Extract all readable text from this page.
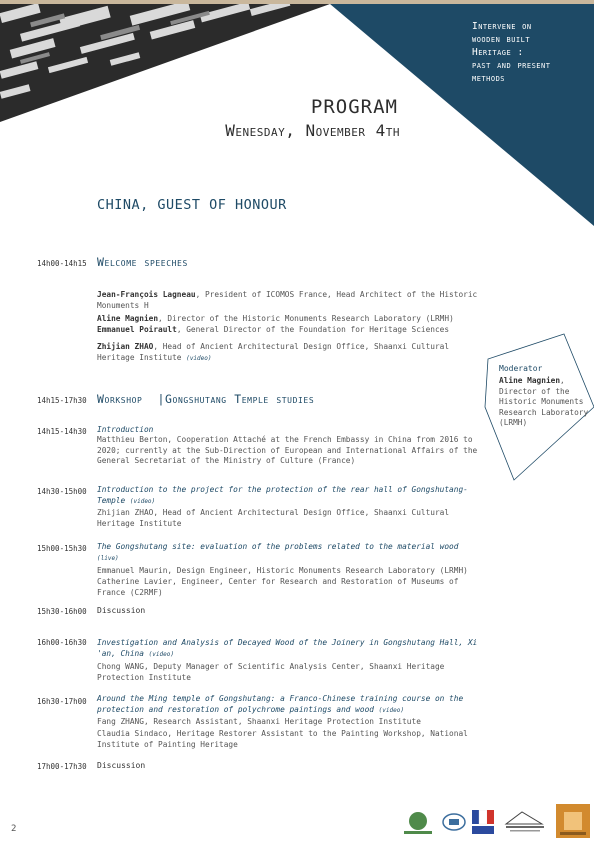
Intervene on
wooden built
Heritage :
past and present
methods
PROGRAM
Wenesday, November 4th
CHINA, GUEST OF HONOUR
14h00-14h15 Welcome speeches
Jean-François Lagneau, President of ICOMOS France, Head Architect of the Historic Monuments H
Aline Magnien, Director of the Historic Monuments Research Laboratory (LRMH)
Emmanuel Poirault, General Director of the Foundation for Heritage Sciences
Zhijian ZHAO, Head of Ancient Architectural Design Office, Shaanxi Cultural Heritage Institute (video)
Moderator
Aline Magnien,
Director of the
Historic Monuments
Research Laboratory
(LRMH)
14h15-17h30 Workshop  |Gongshutang Temple studies
14h15-14h30 Introduction
Matthieu Berton, Cooperation Attaché at the French Embassy in China from 2016 to 2020; currently at the Sub-Direction of European and International Affairs of the General Secretariat of the Ministry of Culture (France)
14h30-15h00 Introduction to the project for the protection of the rear hall of Gongshutang-Temple (video)
Zhijian ZHAO, Head of Ancient Architectural Design Office, Shaanxi Cultural Heritage Institute
15h00-15h30 The Gongshutang site: evaluation of the problems related to the material wood (live)
Emmanuel Maurin, Design Engineer, Historic Monuments Research Laboratory (LRMH)
Catherine Lavier, Engineer, Center for Research and Restoration of Museums of France (C2RMF)
15h30-16h00 Discussion
16h00-16h30 Investigation and Analysis of Decayed Wood of the Joinery in Gongshutang Hall, Xi 'an, China (video)
Chong WANG, Deputy Manager of Scientific Analysis Center, Shaanxi Heritage Protection Institute
16h30-17h00 Around the Ming temple of Gongshutang: a Franco-Chinese training course on the protection and restoration of polychrome paintings and wood (video)
Fang ZHANG, Research Assistant, Shaanxi Heritage Protection Institute
Claudia Sindaco, Heritage Restorer Assistant to the Painting Workshop, National Institute of Painting Heritage
17h00-17h30 Discussion
2
